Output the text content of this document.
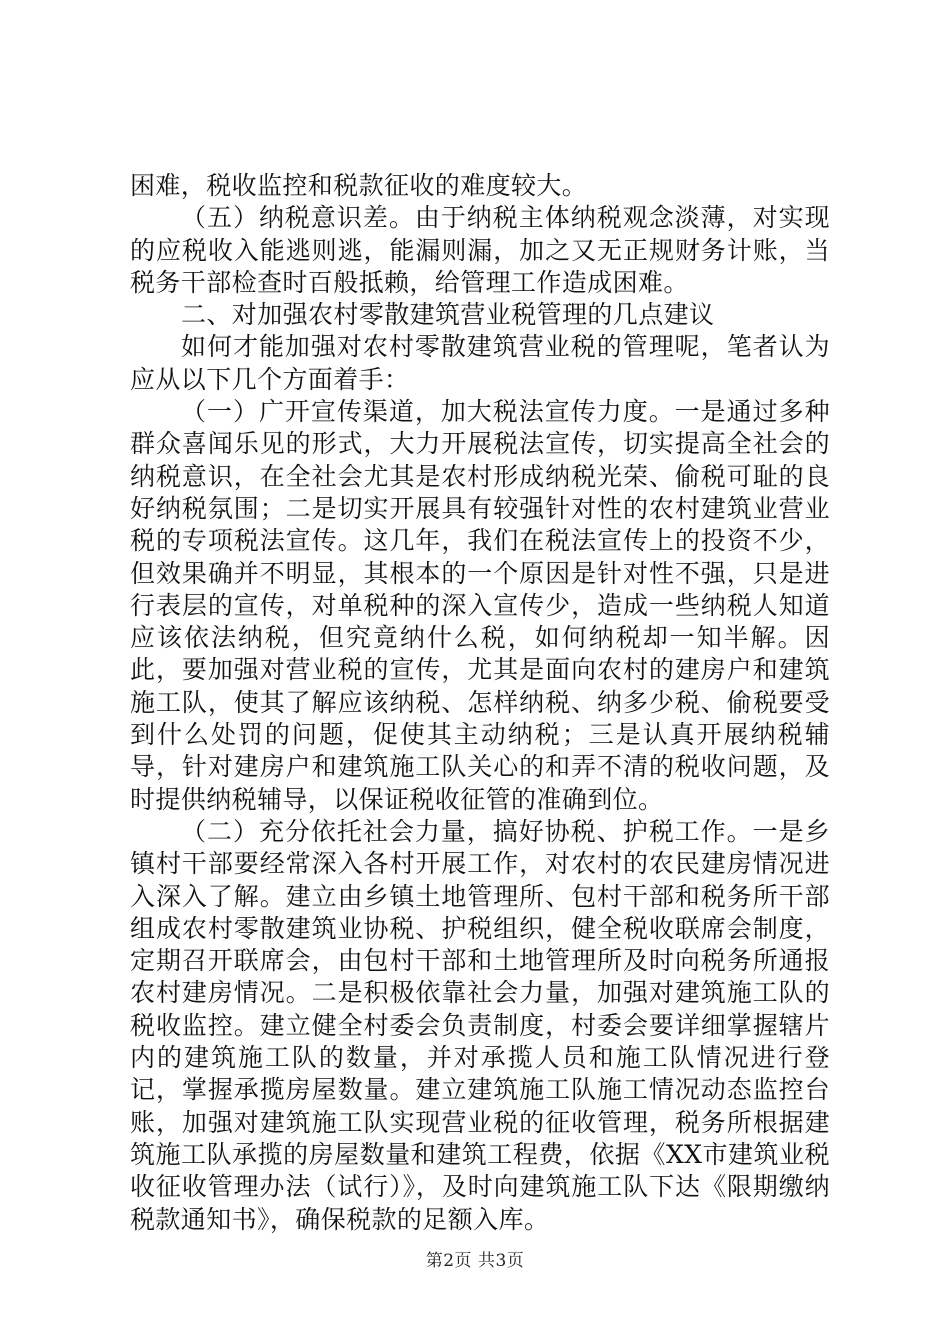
困难，税收监控和税款征收的难度较大。

（五）纳税意识差。由于纳税主体纳税观念淡薄，对实现的应税收入能逃则逃，能漏则漏，加之又无正规财务计账，当税务干部检查时百般抵赖，给管理工作造成困难。

二、对加强农村零散建筑营业税管理的几点建议

如何才能加强对农村零散建筑营业税的管理呢，笔者认为应从以下几个方面着手：

（一）广开宣传渠道，加大税法宣传力度。一是通过多种群众喜闻乐见的形式，大力开展税法宣传，切实提高全社会的纳税意识，在全社会尤其是农村形成纳税光荣、偷税可耻的良好纳税氛围；二是切实开展具有较强针对性的农村建筑业营业税的专项税法宣传。这几年，我们在税法宣传上的投资不少，但效果确并不明显，其根本的一个原因是针对性不强，只是进行表层的宣传，对单税种的深入宣传少，造成一些纳税人知道应该依法纳税，但究竟纳什么税，如何纳税却一知半解。因此，要加强对营业税的宣传，尤其是面向农村的建房户和建筑施工队，使其了解应该纳税、怎样纳税、纳多少税、偷税要受到什么处罚的问题，促使其主动纳税；三是认真开展纳税辅导，针对建房户和建筑施工队关心的和弄不清的税收问题，及时提供纳税辅导，以保证税收征管的准确到位。

（二）充分依托社会力量，搞好协税、护税工作。一是乡镇村干部要经常深入各村开展工作，对农村的农民建房情况进入深入了解。建立由乡镇土地管理所、包村干部和税务所干部组成农村零散建筑业协税、护税组织，健全税收联席会制度，定期召开联席会，由包村干部和土地管理所及时向税务所通报农村建房情况。二是积极依靠社会力量，加强对建筑施工队的税收监控。建立健全村委会负责制度，村委会要详细掌握辖片内的建筑施工队的数量，并对承揽人员和施工队情况进行登记，掌握承揽房屋数量。建立建筑施工队施工情况动态监控台账，加强对建筑施工队实现营业税的征收管理，税务所根据建筑施工队承揽的房屋数量和建筑工程费，依据《XX市建筑业税收征收管理办法（试行）》，及时向建筑施工队下达《限期缴纳税款通知书》，确保税款的足额入库。

第2页 共3页
